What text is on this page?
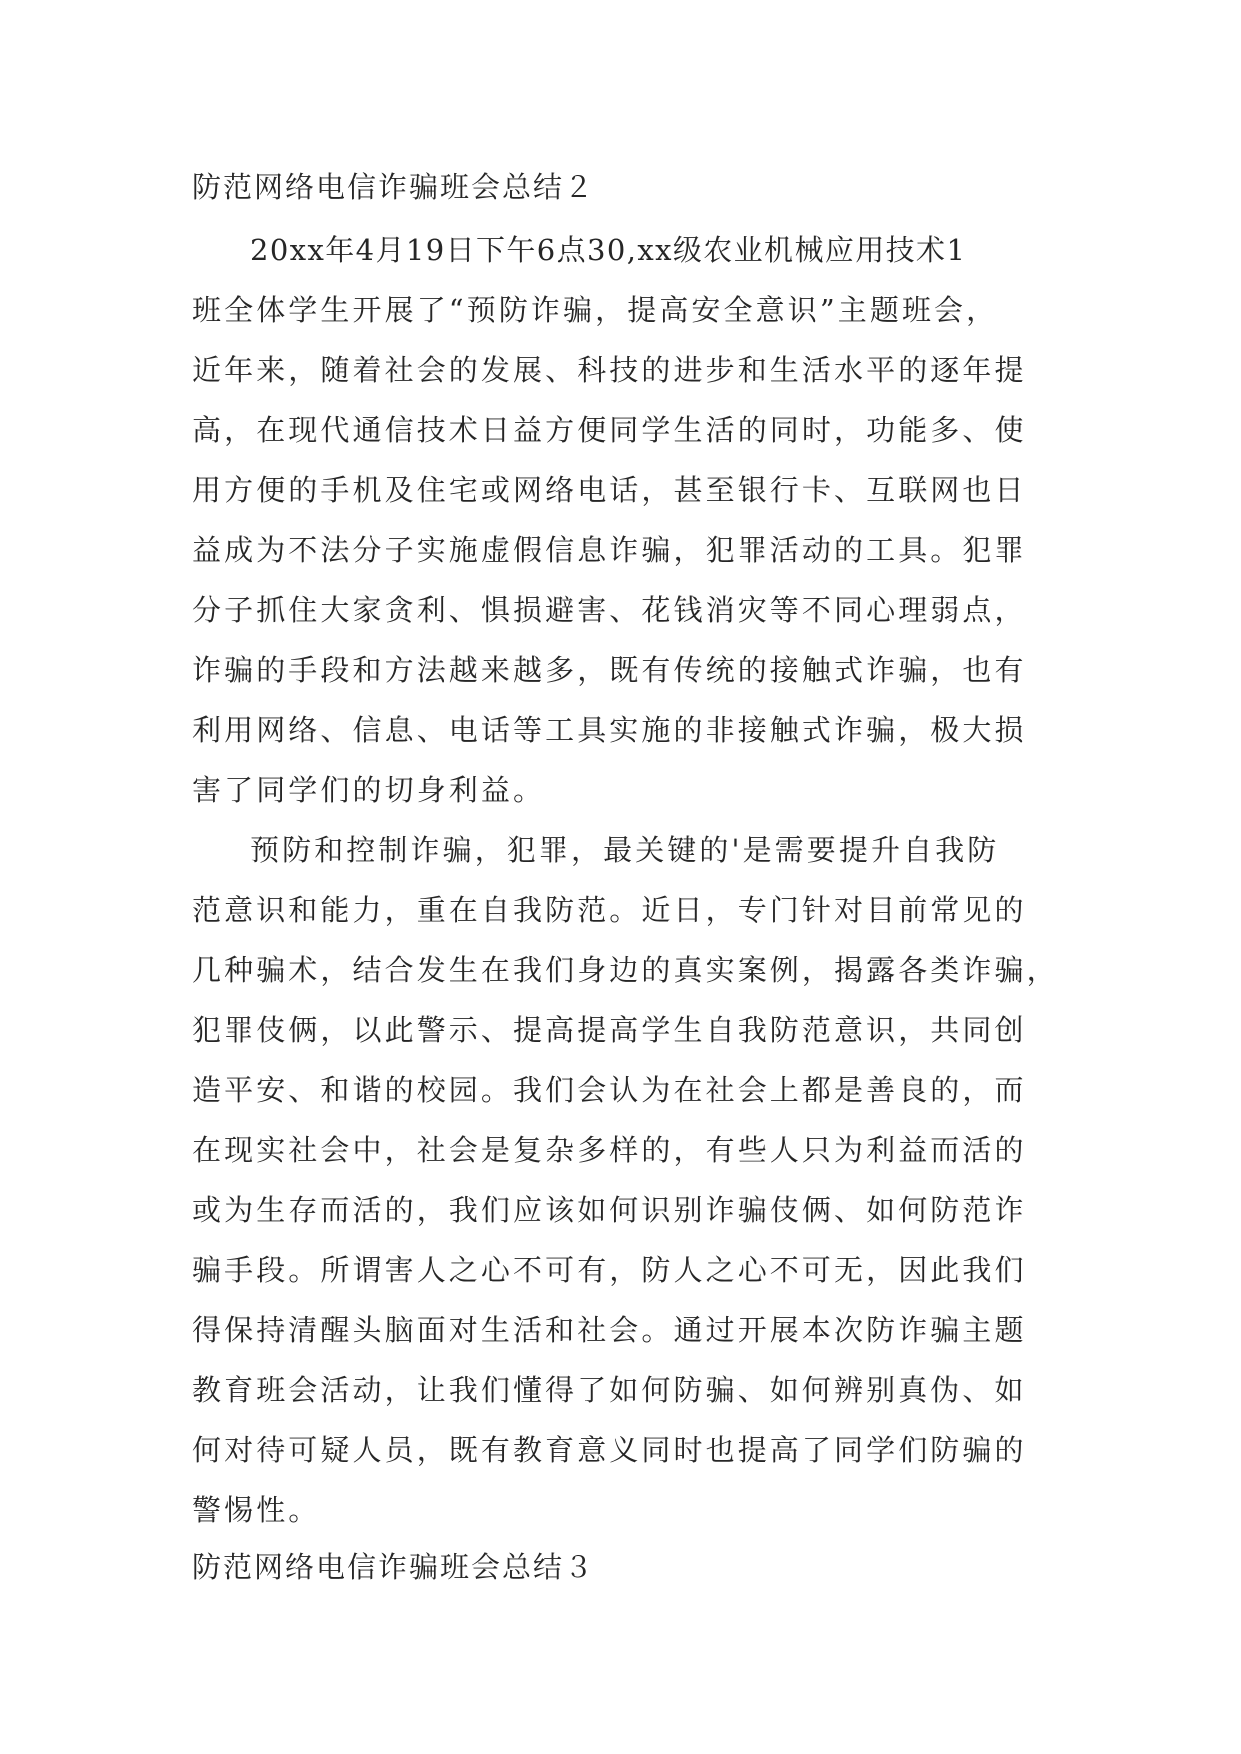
防范网络电信诈骗班会总结２
20xx年4月19日下午6点30,xx级农业机械应用技术1
班全体学生开展了“预防诈骗，提高安全意识”主题班会，
近年来，随着社会的发展、科技的进步和生活水平的逐年提
高，在现代通信技术日益方便同学生活的同时，功能多、使
用方便的手机及住宅或网络电话，甚至银行卡、互联网也日
益成为不法分子实施虚假信息诈骗，犯罪活动的工具。犯罪
分子抓住大家贪利、惧损避害、花钱消灾等不同心理弱点，
诈骗的手段和方法越来越多，既有传统的接触式诈骗，也有
利用网络、信息、电话等工具实施的非接触式诈骗，极大损
害了同学们的切身利益。
预防和控制诈骗，犯罪，最关键的'是需要提升自我防
范意识和能力，重在自我防范。近日，专门针对目前常见的
几种骗术，结合发生在我们身边的真实案例，揭露各类诈骗，
犯罪伎俩，以此警示、提高提高学生自我防范意识，共同创
造平安、和谐的校园。我们会认为在社会上都是善良的，而
在现实社会中，社会是复杂多样的，有些人只为利益而活的
或为生存而活的，我们应该如何识别诈骗伎俩、如何防范诈
骗手段。所谓害人之心不可有，防人之心不可无，因此我们
得保持清醒头脑面对生活和社会。通过开展本次防诈骗主题
教育班会活动，让我们懂得了如何防骗、如何辨别真伪、如
何对待可疑人员，既有教育意义同时也提高了同学们防骗的
警惕性。
防范网络电信诈骗班会总结３
